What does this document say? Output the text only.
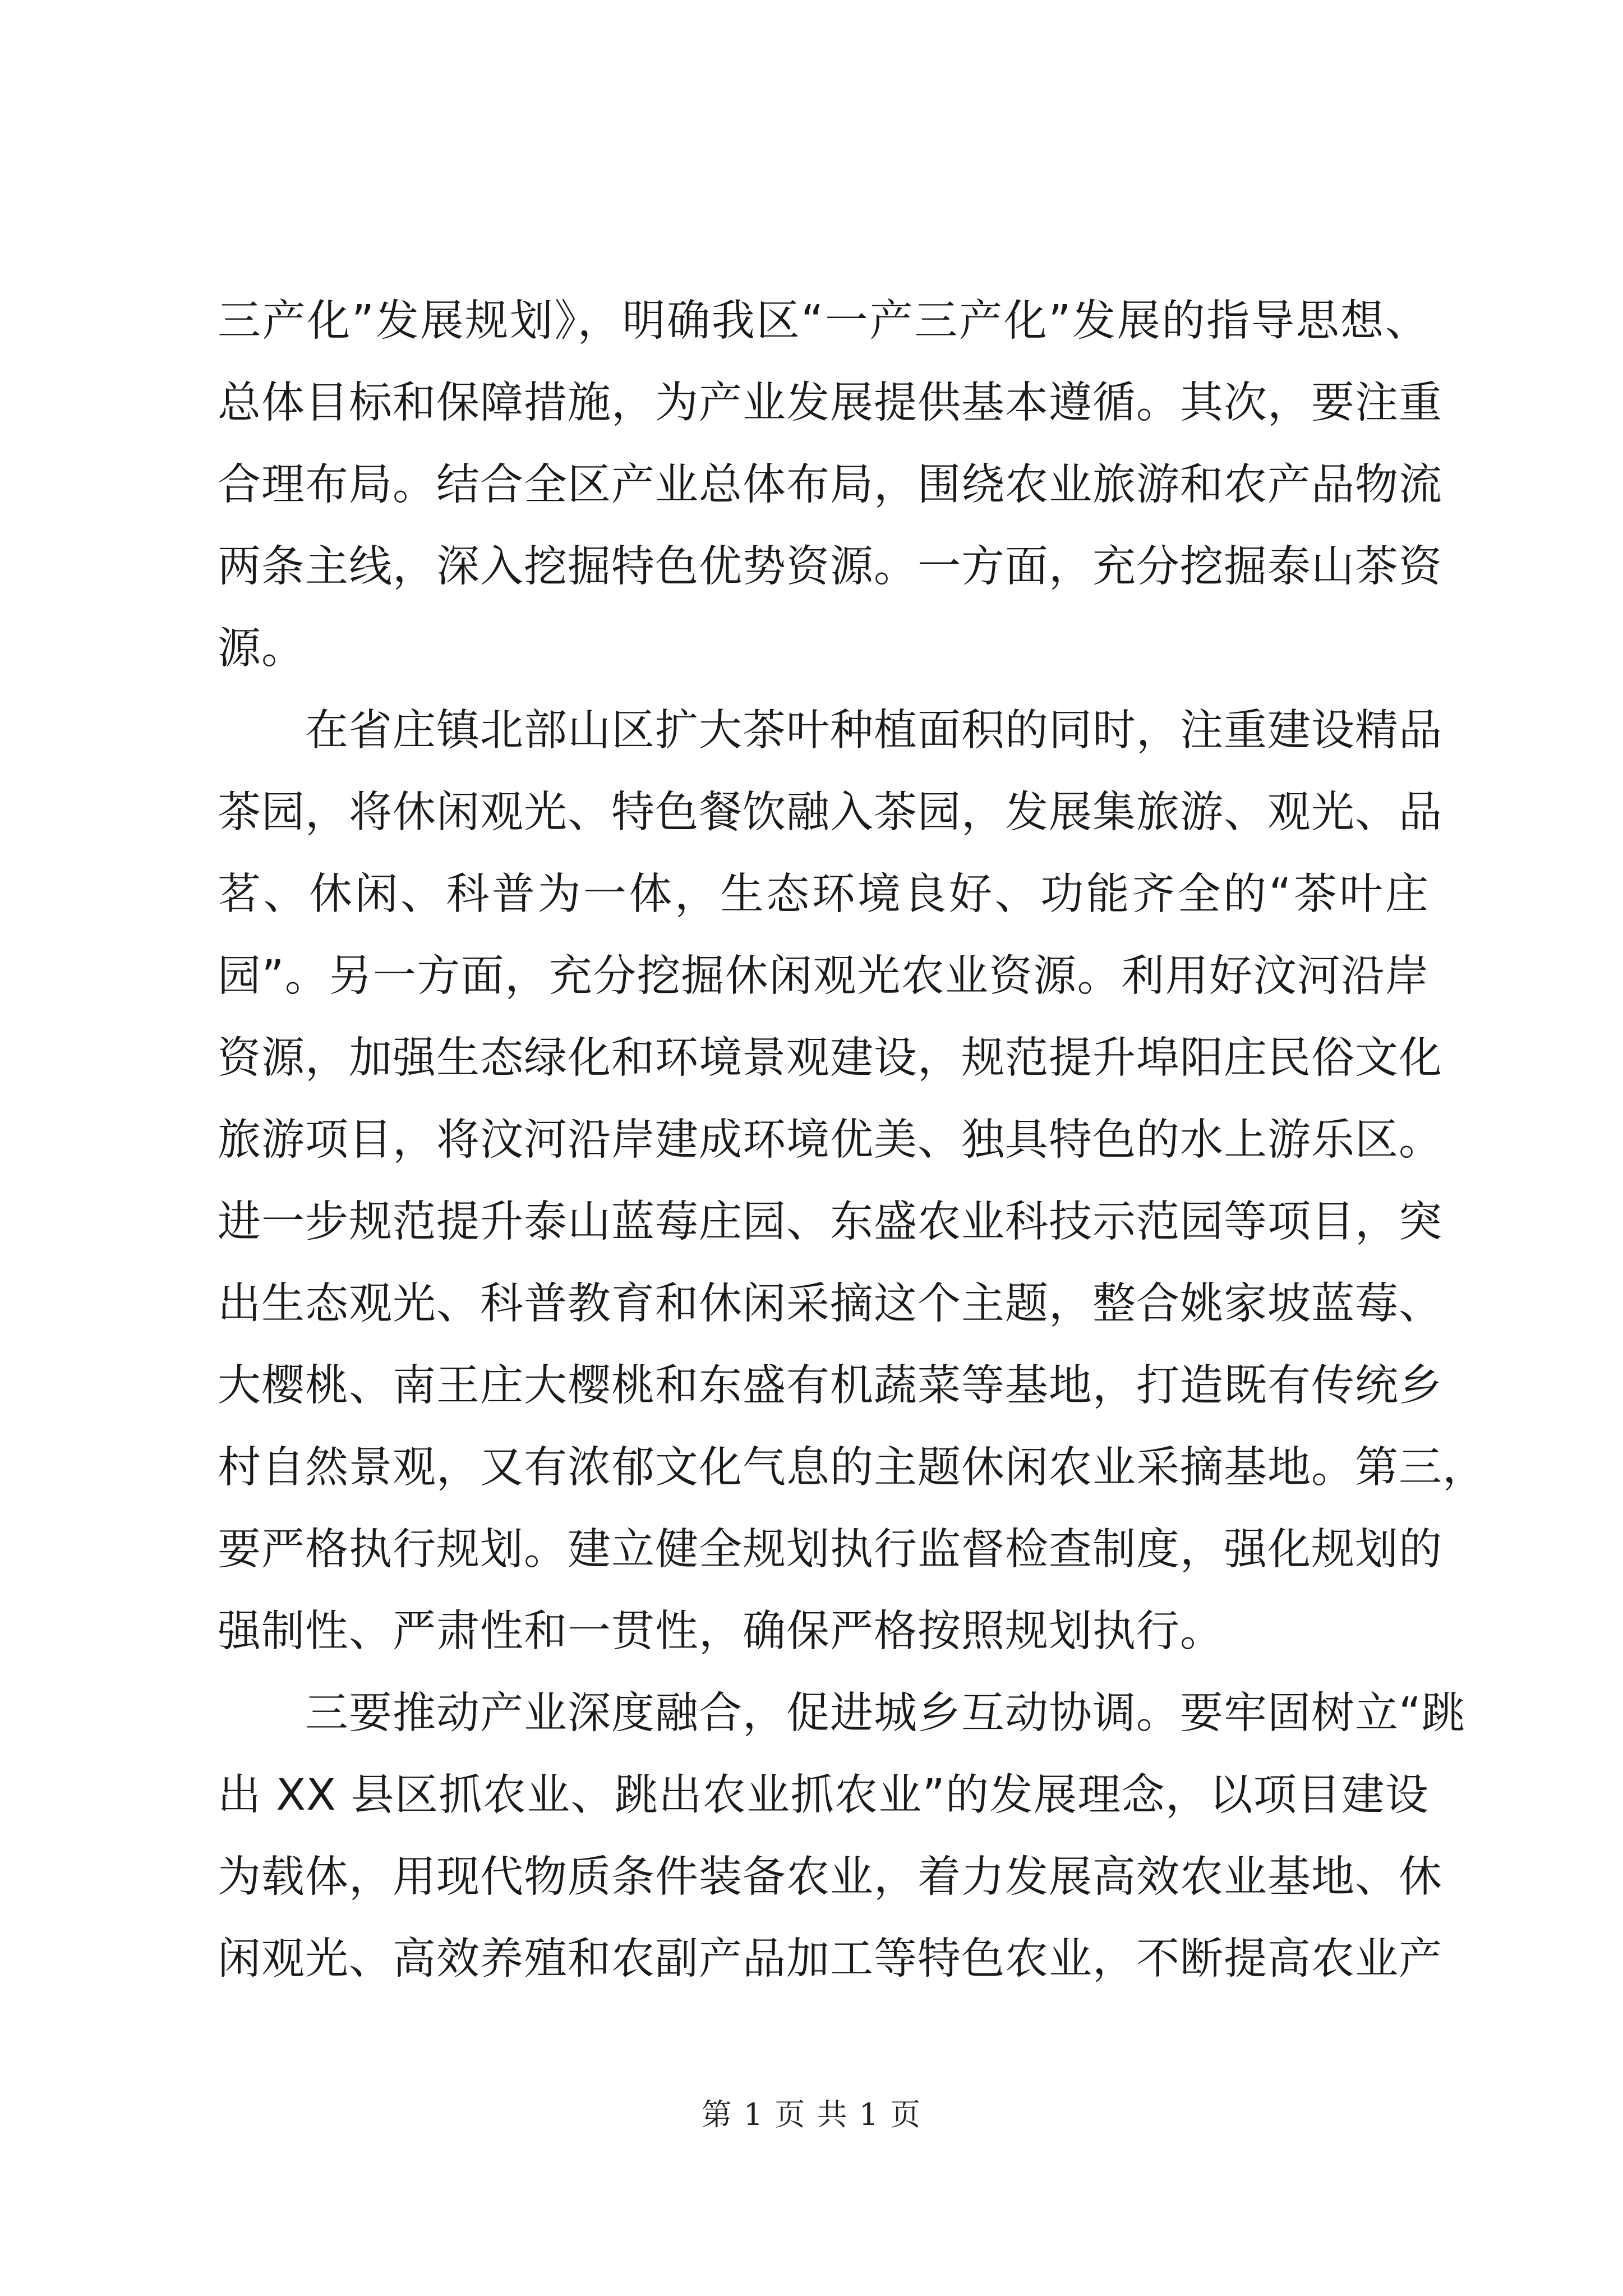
三产化”发展规划》，明确我区“一产三产化”发展的指导思想、
总体目标和保障措施，为产业发展提供基本遵循。其次，要注重
合理布局。结合全区产业总体布局，围绕农业旅游和农产品物流
两条主线，深入挖掘特色优势资源。一方面，充分挖掘泰山茶资
源。
　　在省庄镇北部山区扩大茶叶种植面积的同时，注重建设精品
茶园，将休闲观光、特色餐饮融入茶园，发展集旅游、观光、品
茗、休闲、科普为一体，生态环境良好、功能齐全的“茶叶庄
园”。另一方面，充分挖掘休闲观光农业资源。利用好汶河沿岸
资源，加强生态绿化和环境景观建设，规范提升埠阳庄民俗文化
旅游项目，将汶河沿岸建成环境优美、独具特色的水上游乐区。
进一步规范提升泰山蓝莓庄园、东盛农业科技示范园等项目，突
出生态观光、科普教育和休闲采摘这个主题，整合姚家坡蓝莓、
大樱桃、南王庄大樱桃和东盛有机蔬菜等基地，打造既有传统乡
村自然景观，又有浓郁文化气息的主题休闲农业采摘基地。第三，
要严格执行规划。建立健全规划执行监督检查制度，强化规划的
强制性、严肃性和一贯性，确保严格按照规划执行。
　　三要推动产业深度融合，促进城乡互动协调。要牢固树立“跳
出 XX 县区抓农业、跳出农业抓农业”的发展理念，以项目建设
为载体，用现代物质条件装备农业，着力发展高效农业基地、休
闲观光、高效养殖和农副产品加工等特色农业，不断提高农业产
第 1 页 共 1 页
